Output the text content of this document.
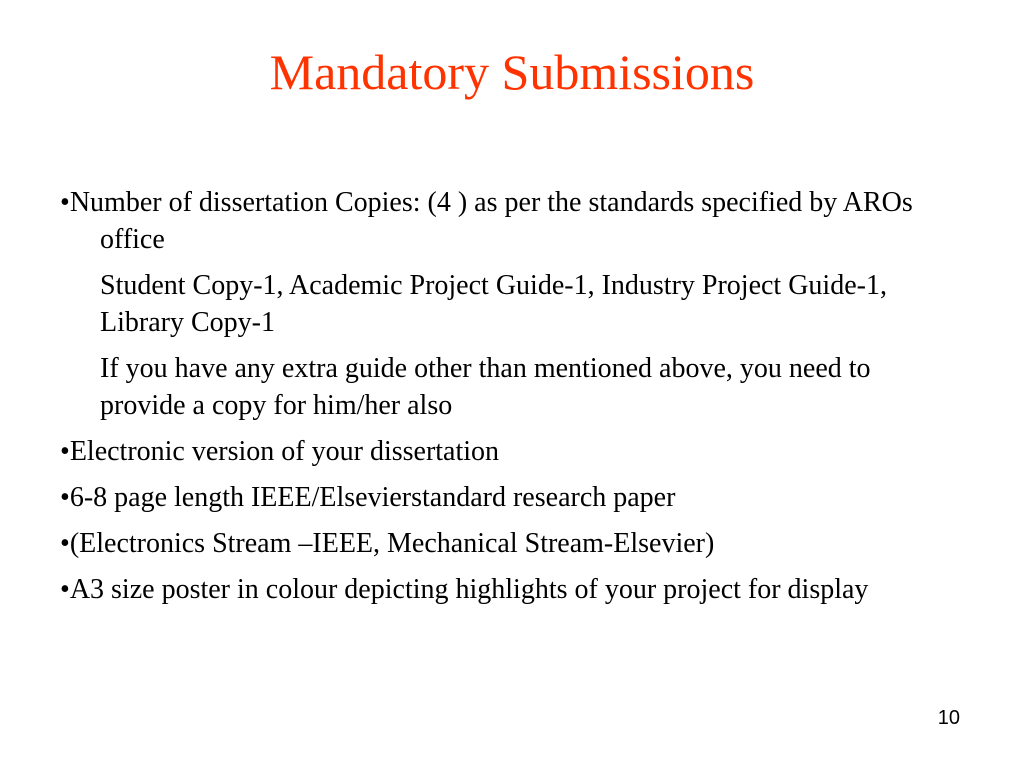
Mandatory Submissions
• Number of dissertation Copies: (4 ) as per the standards specified by AROs office
Student Copy-1, Academic Project Guide-1, Industry Project Guide-1, Library Copy-1
If you have any extra guide other than mentioned above, you need to provide a copy for him/her also
• Electronic version of your dissertation
• 6-8 page length IEEE/Elsevierstandard research paper
• (Electronics Stream –IEEE, Mechanical Stream-Elsevier)
• A3 size poster in colour depicting highlights of your project for display
10
